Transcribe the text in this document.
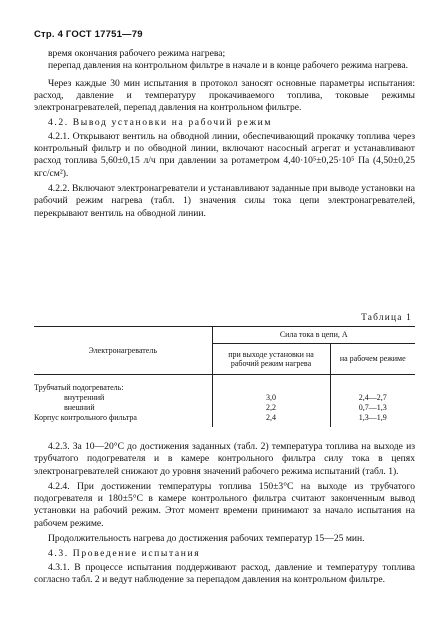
Стр. 4 ГОСТ 17751—79

время окончания рабочего режима нагрева;

перепад давления на контрольном фильтре в начале и в конце рабочего режима нагрева.

Через каждые 30 мин испытания в протокол заносят основные параметры испытания: расход, давление и температуру прокачиваемого топлива, токовые режимы электронагревателей, перепад давления на контрольном фильтре.

4.2. Вывод установки на рабочий режим

4.2.1. Открывают вентиль на обводной линии, обеспечивающий прокачку топлива через контрольный фильтр и по обводной линии, включают насосный агрегат и устанавливают расход топлива 5,60±0,15 л/ч при давлении за ротаметром 4,40·10⁵±0,25·10⁵ Па (4,50±0,25 кгс/см²).

4.2.2. Включают электронагреватели и устанавливают заданные при выводе установки на рабочий режим нагрева (табл. 1) значения силы тока цепи электронагревателей, перекрывают вентиль на обводной линии.

Таблица 1
Электронагреватель	Сила тока в цепи, А	
	при выходе установки на рабочий режим нагрева	на рабочем режиме
Трубчатый подогреватель:		
внутренний	3,0	2,4—2,7
внешний	2,2	0,7—1,3
Корпус контрольного фильтра	2,4	1,3—1,9

4.2.3. За 10—20°C до достижения заданных (табл. 2) температура топлива на выходе из трубчатого подогревателя и в камере контрольного фильтра силу тока в цепях электронагревателей снижают до уровня значений рабочего режима испытаний (табл. 1).

4.2.4. При достижении температуры топлива 150±3°С на выходе из трубчатого подогревателя и 180±5°С в камере контрольного фильтра считают законченным вывод установки на рабочий режим. Этот момент времени принимают за начало испытания на рабочем режиме.

Продолжительность нагрева до достижения рабочих температур 15—25 мин.

4.3. Проведение испытания

4.3.1. В процессе испытания поддерживают расход, давление и температуру топлива согласно табл. 2 и ведут наблюдение за перепадом давления на контрольном фильтре.
